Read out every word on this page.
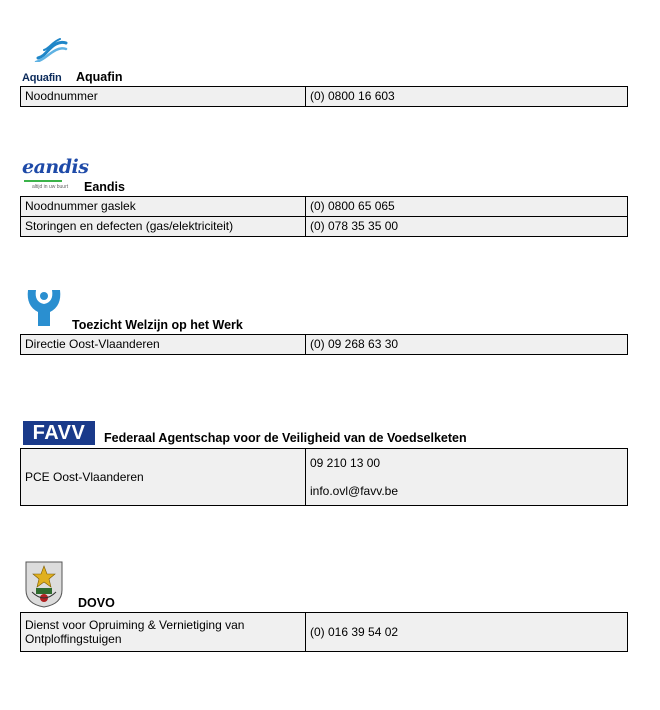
Aquafin Aquafin
Noodnummer	(0) 0800 16 603
eandis
altijd in uw buurt Eandis
Noodnummer gaslek	(0) 0800 65 065
Storingen en defecten (gas/elektriciteit)	(0) 078 35 35 00
Toezicht Welzijn op het Werk
Directie Oost-Vlaanderen	(0) 09 268 63 30
FAVV	Federaal Agentschap voor de Veiligheid van de Voedselketen
PCE Oost-Vlaanderen	09 210 13 00
info.ovl@favv.be
DOVO
Dienst voor Opruiming & Vernietiging van Ontploffingstuigen	(0) 016 39 54 02
